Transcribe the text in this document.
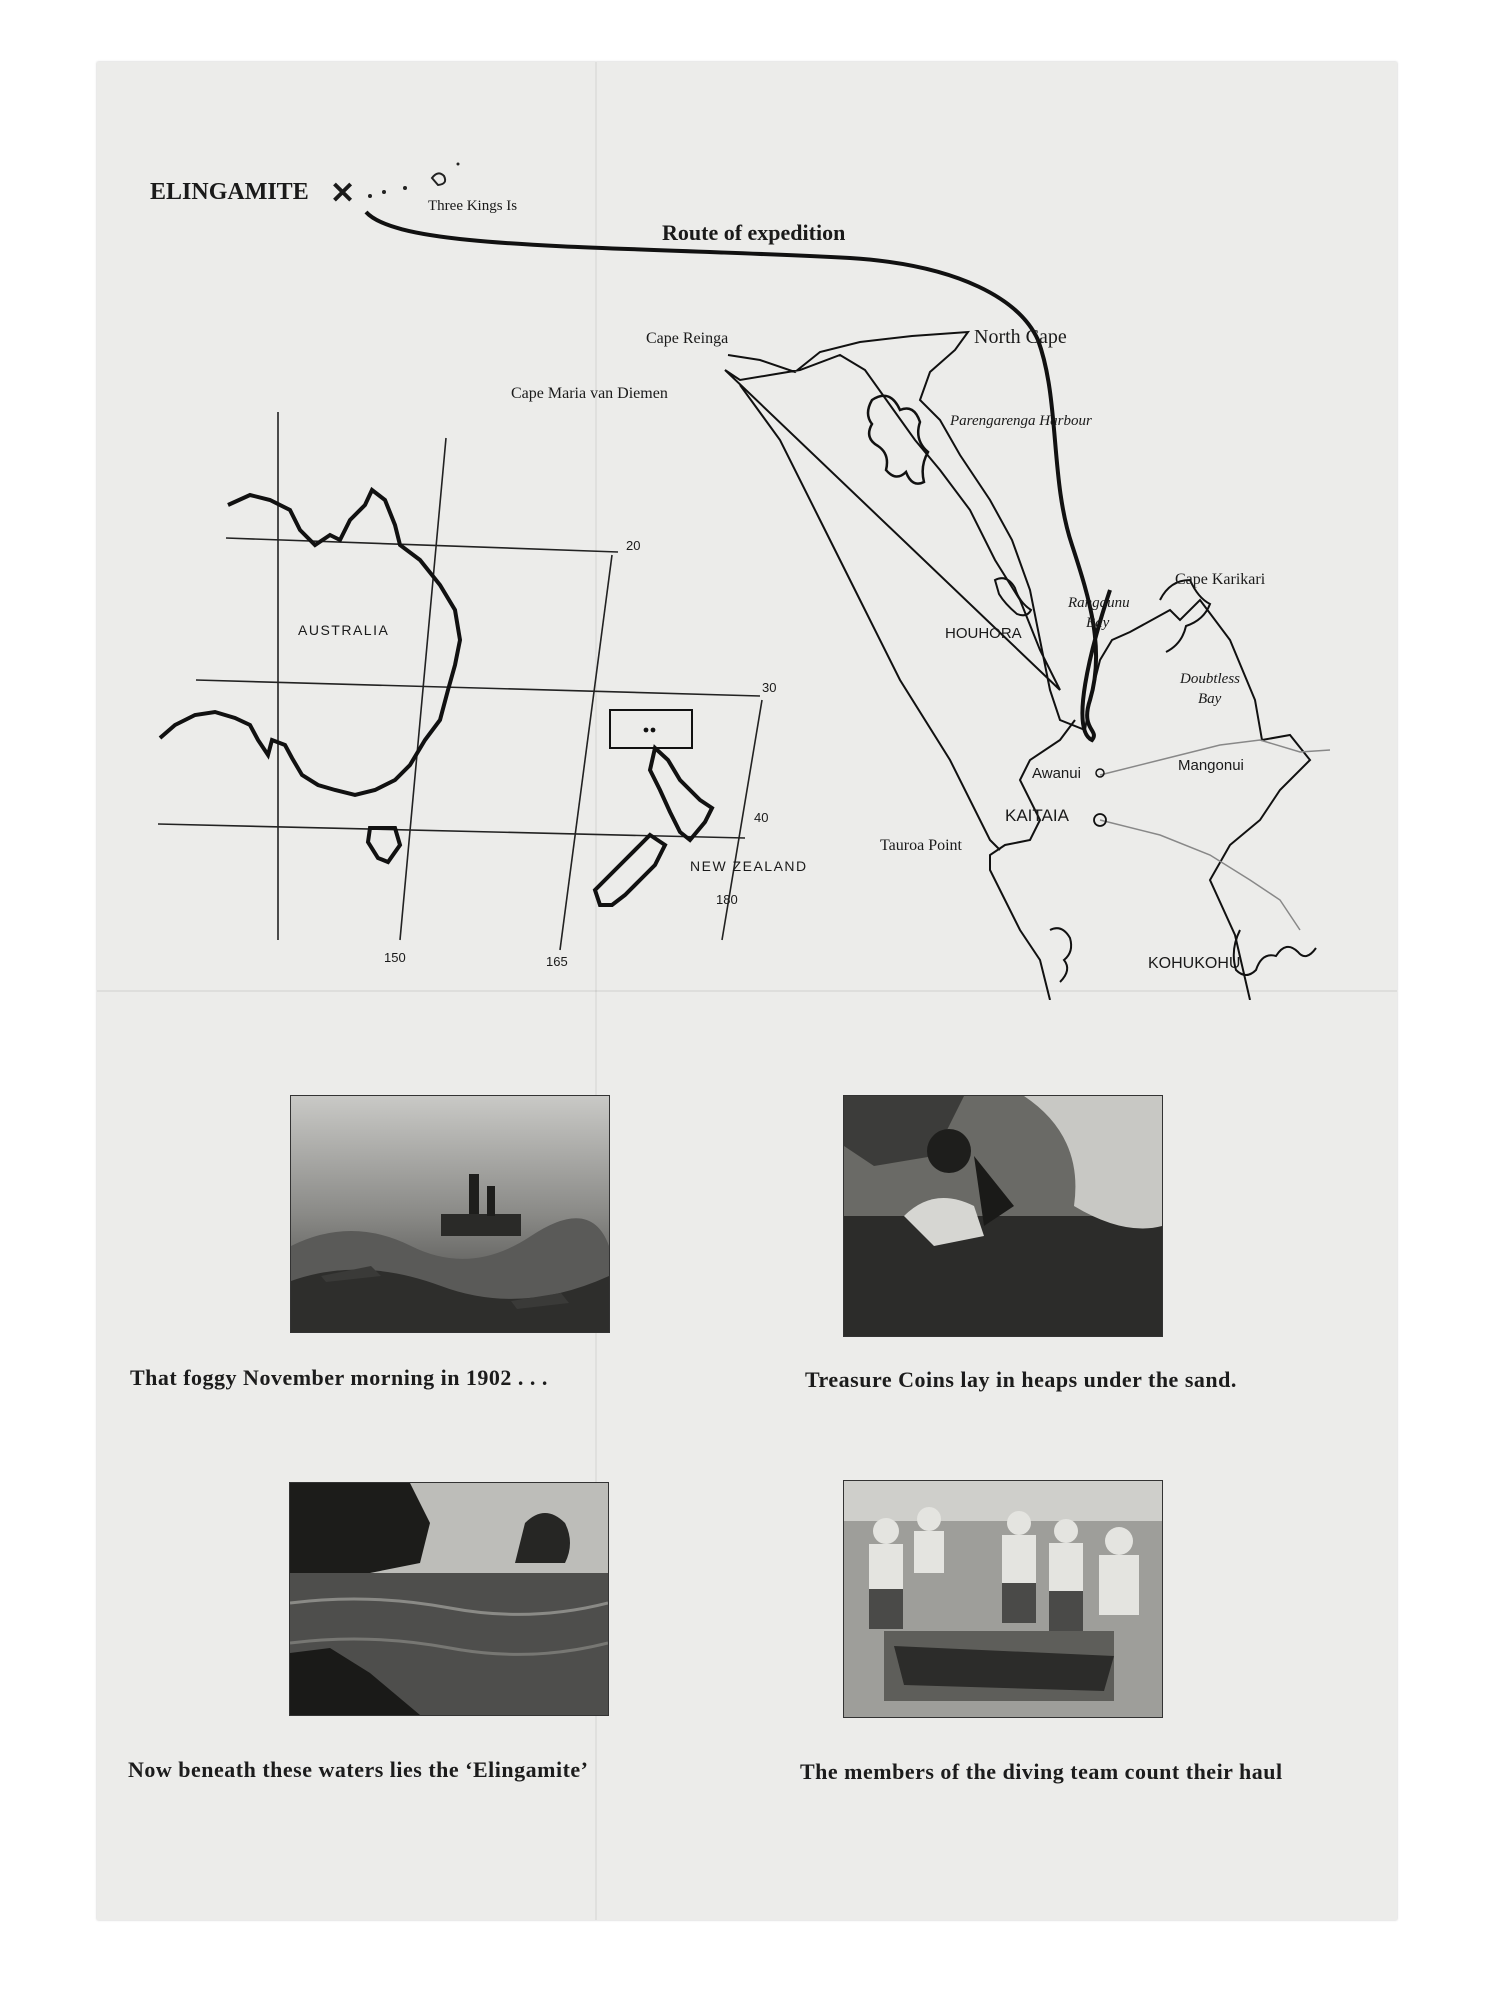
ELINGAMITE ✕	Three Kings Is
Route of expedition
Cape Reinga	North Cape
Cape Maria van Diemen
Parengarenga Harbour
Cape Karikari
Rangaunu
Bay
HOUHORA
Doubtless
Bay
Awanui	Mangonui
KAITAIA
Tauroa Point
KOHUKOHU
AUSTRALIA
NEW ZEALAND
20
30
40
150	165
180
That foggy November morning in 1902 . . .	Treasure Coins lay in heaps under the sand.
Now beneath these waters lies the ‘Elingamite’	The members of the diving team count their haul
